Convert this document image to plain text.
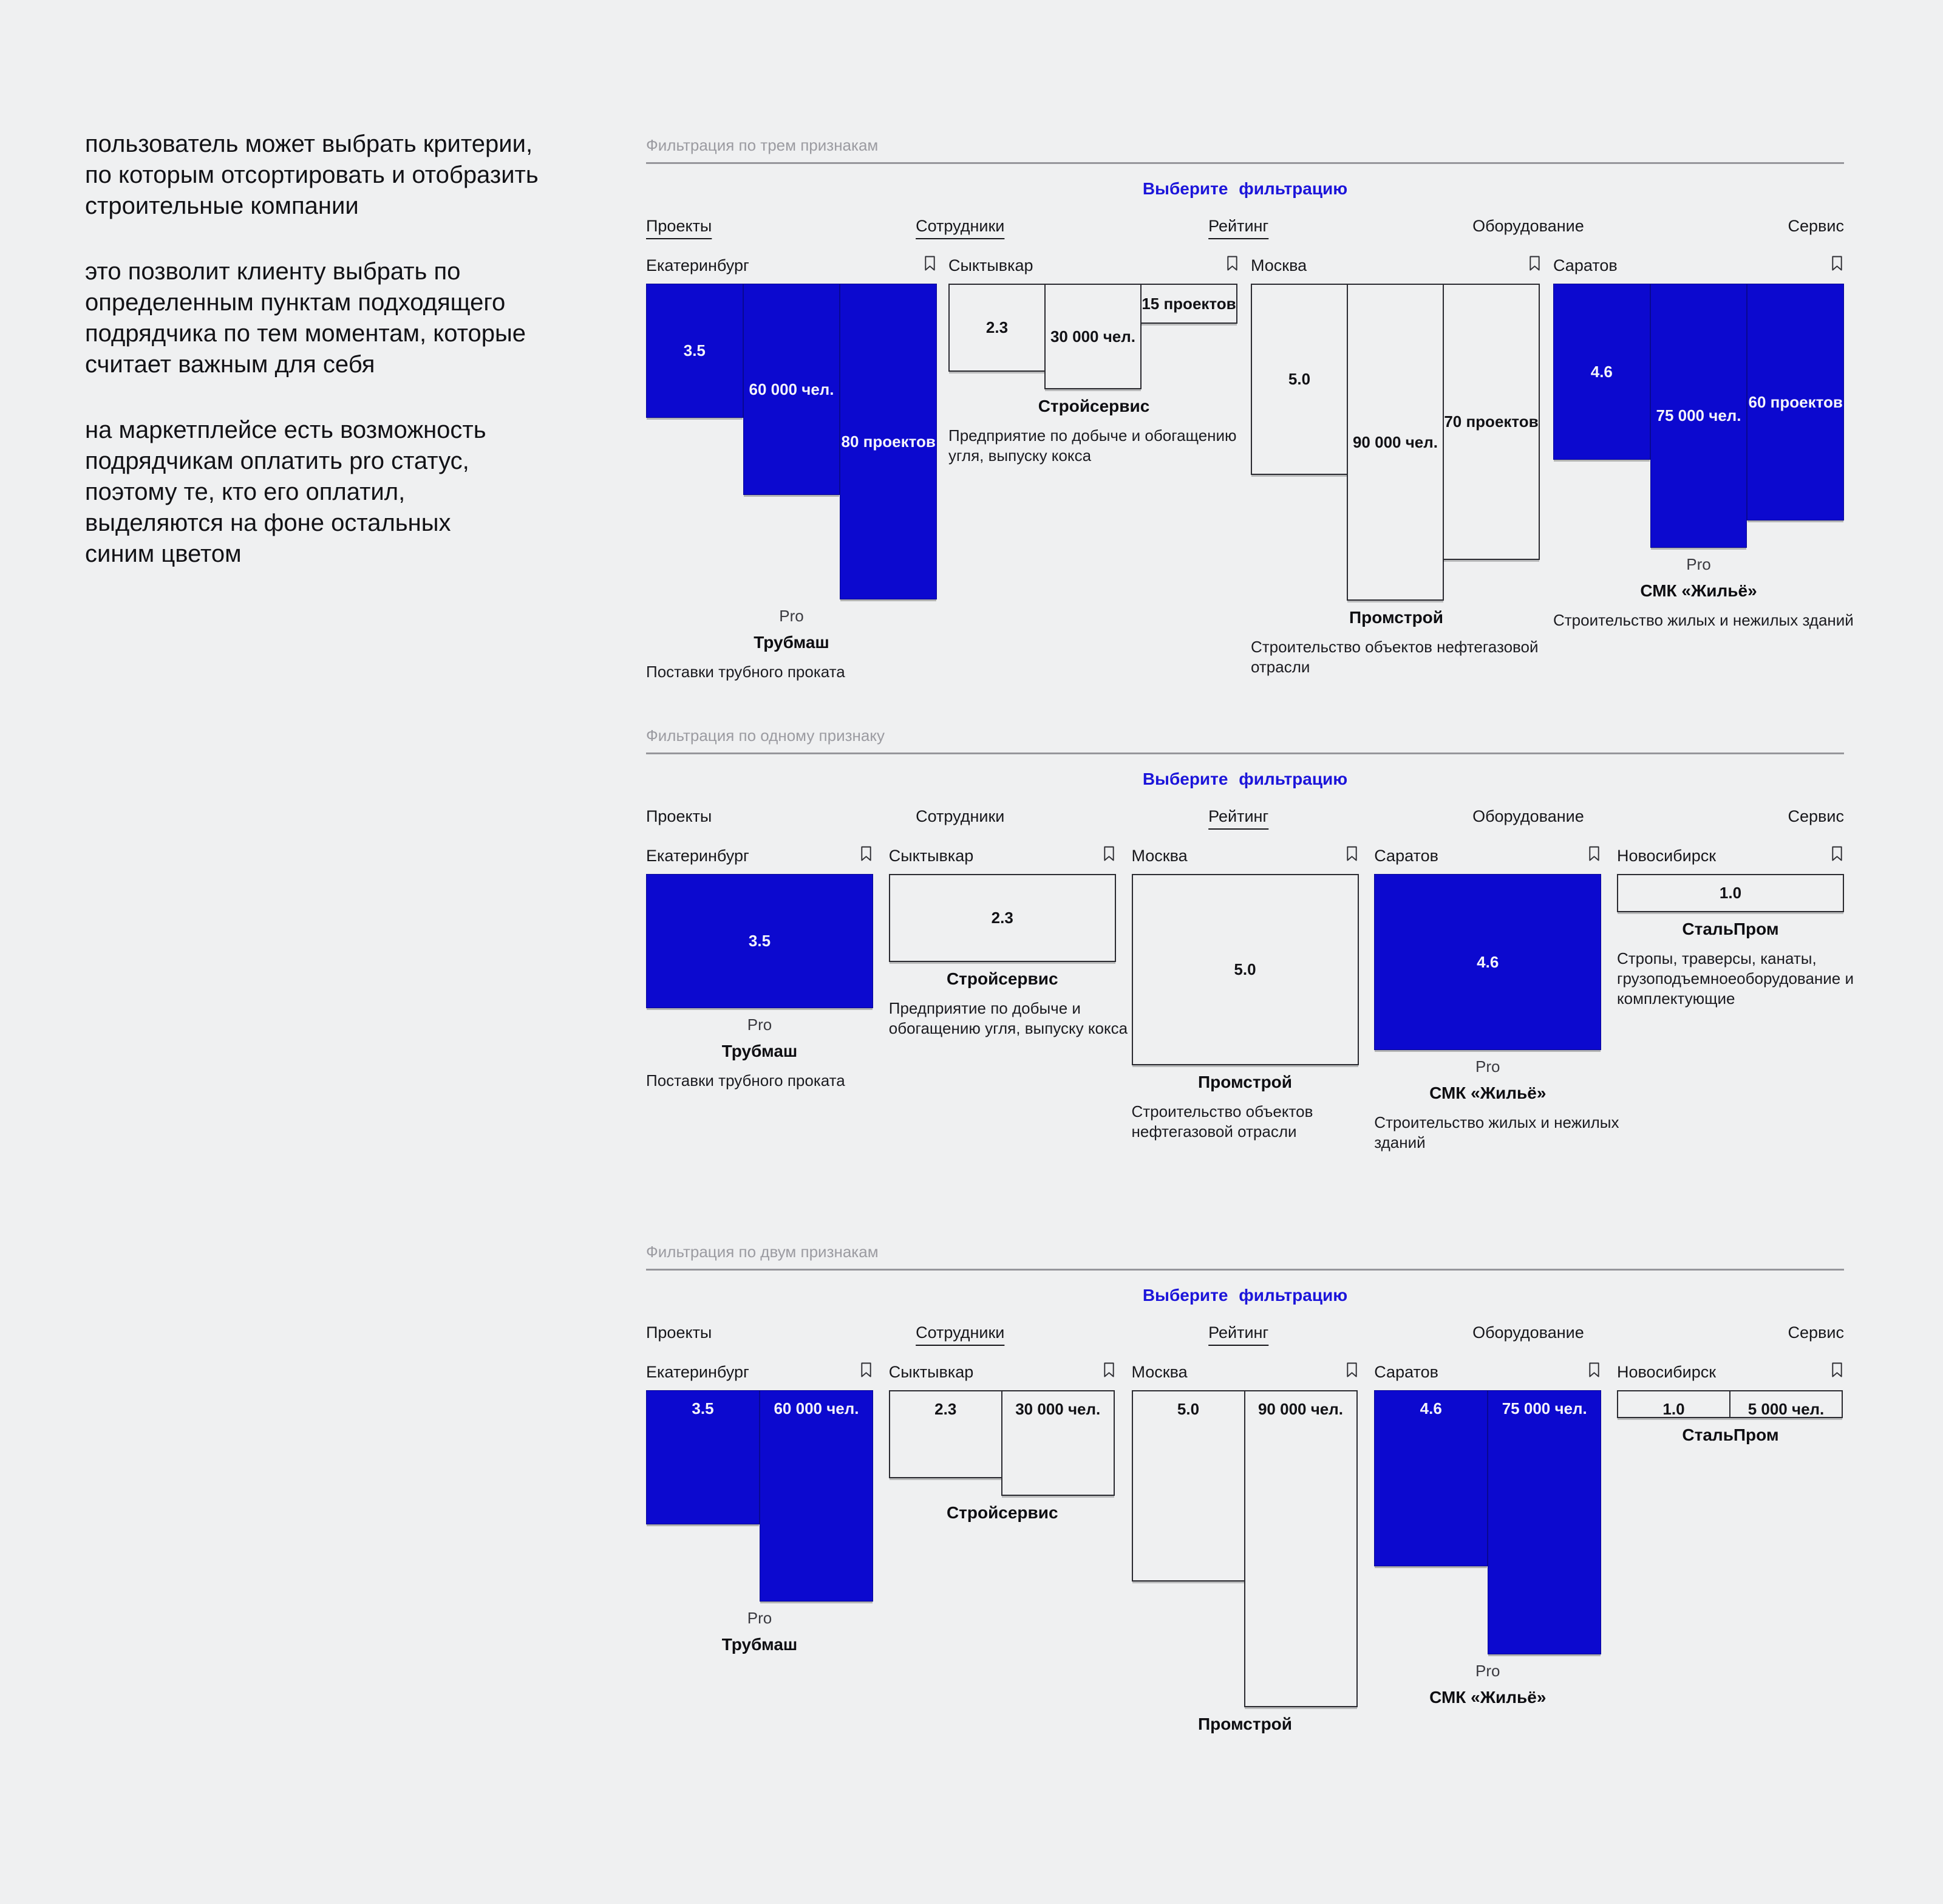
пользователь может выбрать критерии,
по которым отсортировать и отобразить
строительные компании

это позволит клиенту выбрать по
определенным пунктам подходящего
подрядчика по тем моментам, которые
считает важным для себя

на маркетплейсе есть возможность
подрядчикам оплатить pro статус,
поэтому те, кто его оплатил,
выделяются на фоне остальных
синим цветом

Фильтрация по трем признакам
Выберите фильтрацию
Проекты	Сотрудники	Рейтинг	Оборудование	Сервис
Екатеринбург
3.5
60 000 чел.
80 проектов
Pro
Трубмаш
Поставки трубного проката
Сыктывкар
2.3	30 000 чел.
15 проектов
Стройсервис
Предприятие по добыче и обогащению угля, выпуску кокса
Москва
5.0
90 000 чел.
70 проектов
Промстрой
Строительство объектов нефтегазовой отрасли
Саратов
4.6
75 000 чел.
60 проектов
Pro
СМК «Жильё»
Строительство жилых и нежилых зданий
Фильтрация по одному признаку
Выберите фильтрацию
Проекты	Сотрудники	Рейтинг	Оборудование	Сервис
Екатеринбург
3.5
Pro
Трубмаш
Поставки трубного проката
Сыктывкар
2.3
Стройсервис
Предприятие по добыче и обогащению угля, выпуску кокса
Москва
5.0
Промстрой
Строительство объектов нефтегазовой отрасли
Саратов
4.6
Pro
СМК «Жильё»
Строительство жилых и нежилых зданий
Новосибирск
1.0
СтальПром
Стропы, траверсы, канаты, грузоподъемноеоборудование и комплектующие
Фильтрация по двум признакам
Выберите фильтрацию
Проекты	Сотрудники	Рейтинг	Оборудование	Сервис
Екатеринбург
3.5	60 000 чел.
Pro
Трубмаш
Сыктывкар
2.3	30 000 чел.
Стройсервис
Москва
5.0	90 000 чел.
Промстрой
Саратов
4.6	75 000 чел.
Pro
СМК «Жильё»
Новосибирск
1.0	5 000 чел.
СтальПром
